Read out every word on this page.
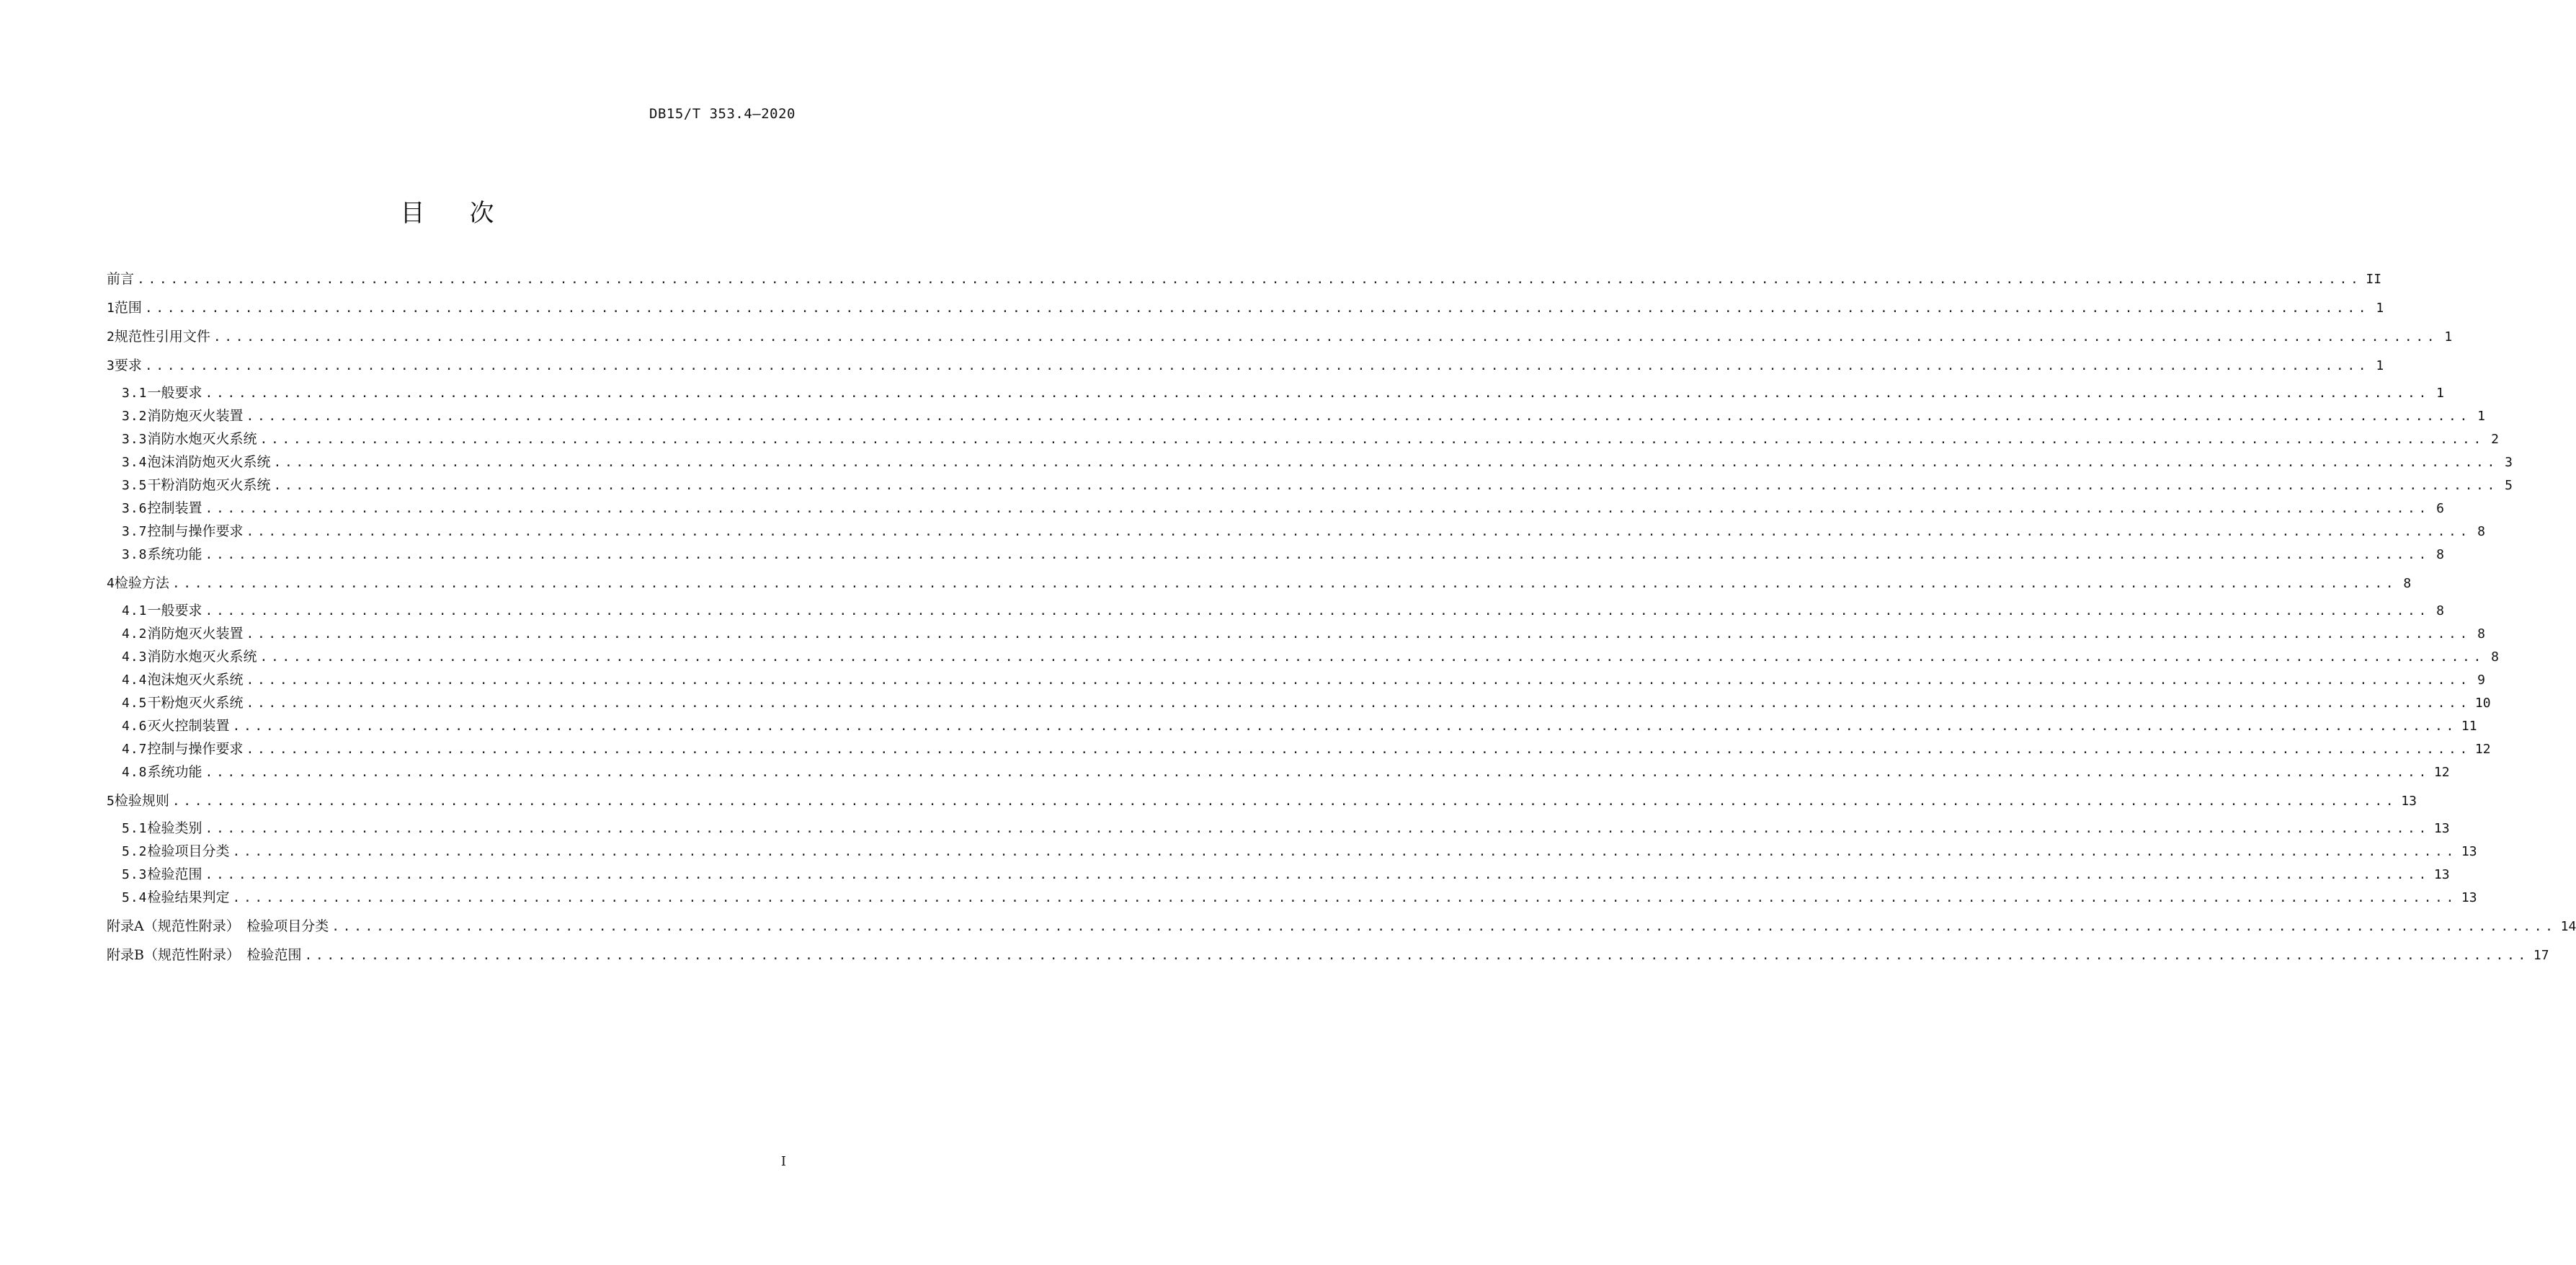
DB15/T 353.4—2020
目 次
前言 ........................................................................................................................................................................................................ II
1 范围 ........................................................................................................................................................................................................ 1
2 规范性引用文件 ........................................................................................................................................................................................................ 1
3 要求 ........................................................................................................................................................................................................ 1
3.1 一般要求 ........................................................................................................................................................................................................ 1
3.2 消防炮灭火装置 ........................................................................................................................................................................................................ 1
3.3 消防水炮灭火系统 ........................................................................................................................................................................................................ 2
3.4 泡沫消防炮灭火系统 ........................................................................................................................................................................................................ 3
3.5 干粉消防炮灭火系统 ........................................................................................................................................................................................................ 5
3.6 控制装置 ........................................................................................................................................................................................................ 6
3.7 控制与操作要求 ........................................................................................................................................................................................................ 8
3.8 系统功能 ........................................................................................................................................................................................................ 8
4 检验方法 ........................................................................................................................................................................................................ 8
4.1 一般要求 ........................................................................................................................................................................................................ 8
4.2 消防炮灭火装置 ........................................................................................................................................................................................................ 8
4.3 消防水炮灭火系统 ........................................................................................................................................................................................................ 8
4.4 泡沫炮灭火系统 ........................................................................................................................................................................................................ 9
4.5 干粉炮灭火系统 ........................................................................................................................................................................................................ 10
4.6 灭火控制装置 ........................................................................................................................................................................................................ 11
4.7 控制与操作要求 ........................................................................................................................................................................................................ 12
4.8 系统功能 ........................................................................................................................................................................................................ 12
5 检验规则 ........................................................................................................................................................................................................ 13
5.1 检验类别 ........................................................................................................................................................................................................ 13
5.2 检验项目分类 ........................................................................................................................................................................................................ 13
5.3 检验范围 ........................................................................................................................................................................................................ 13
5.4 检验结果判定 ........................................................................................................................................................................................................ 13
附录A（规范性附录）　检验项目分类 ........................................................................................................................................................................................................ 14
附录B（规范性附录）　检验范围 ........................................................................................................................................................................................................ 17
I
